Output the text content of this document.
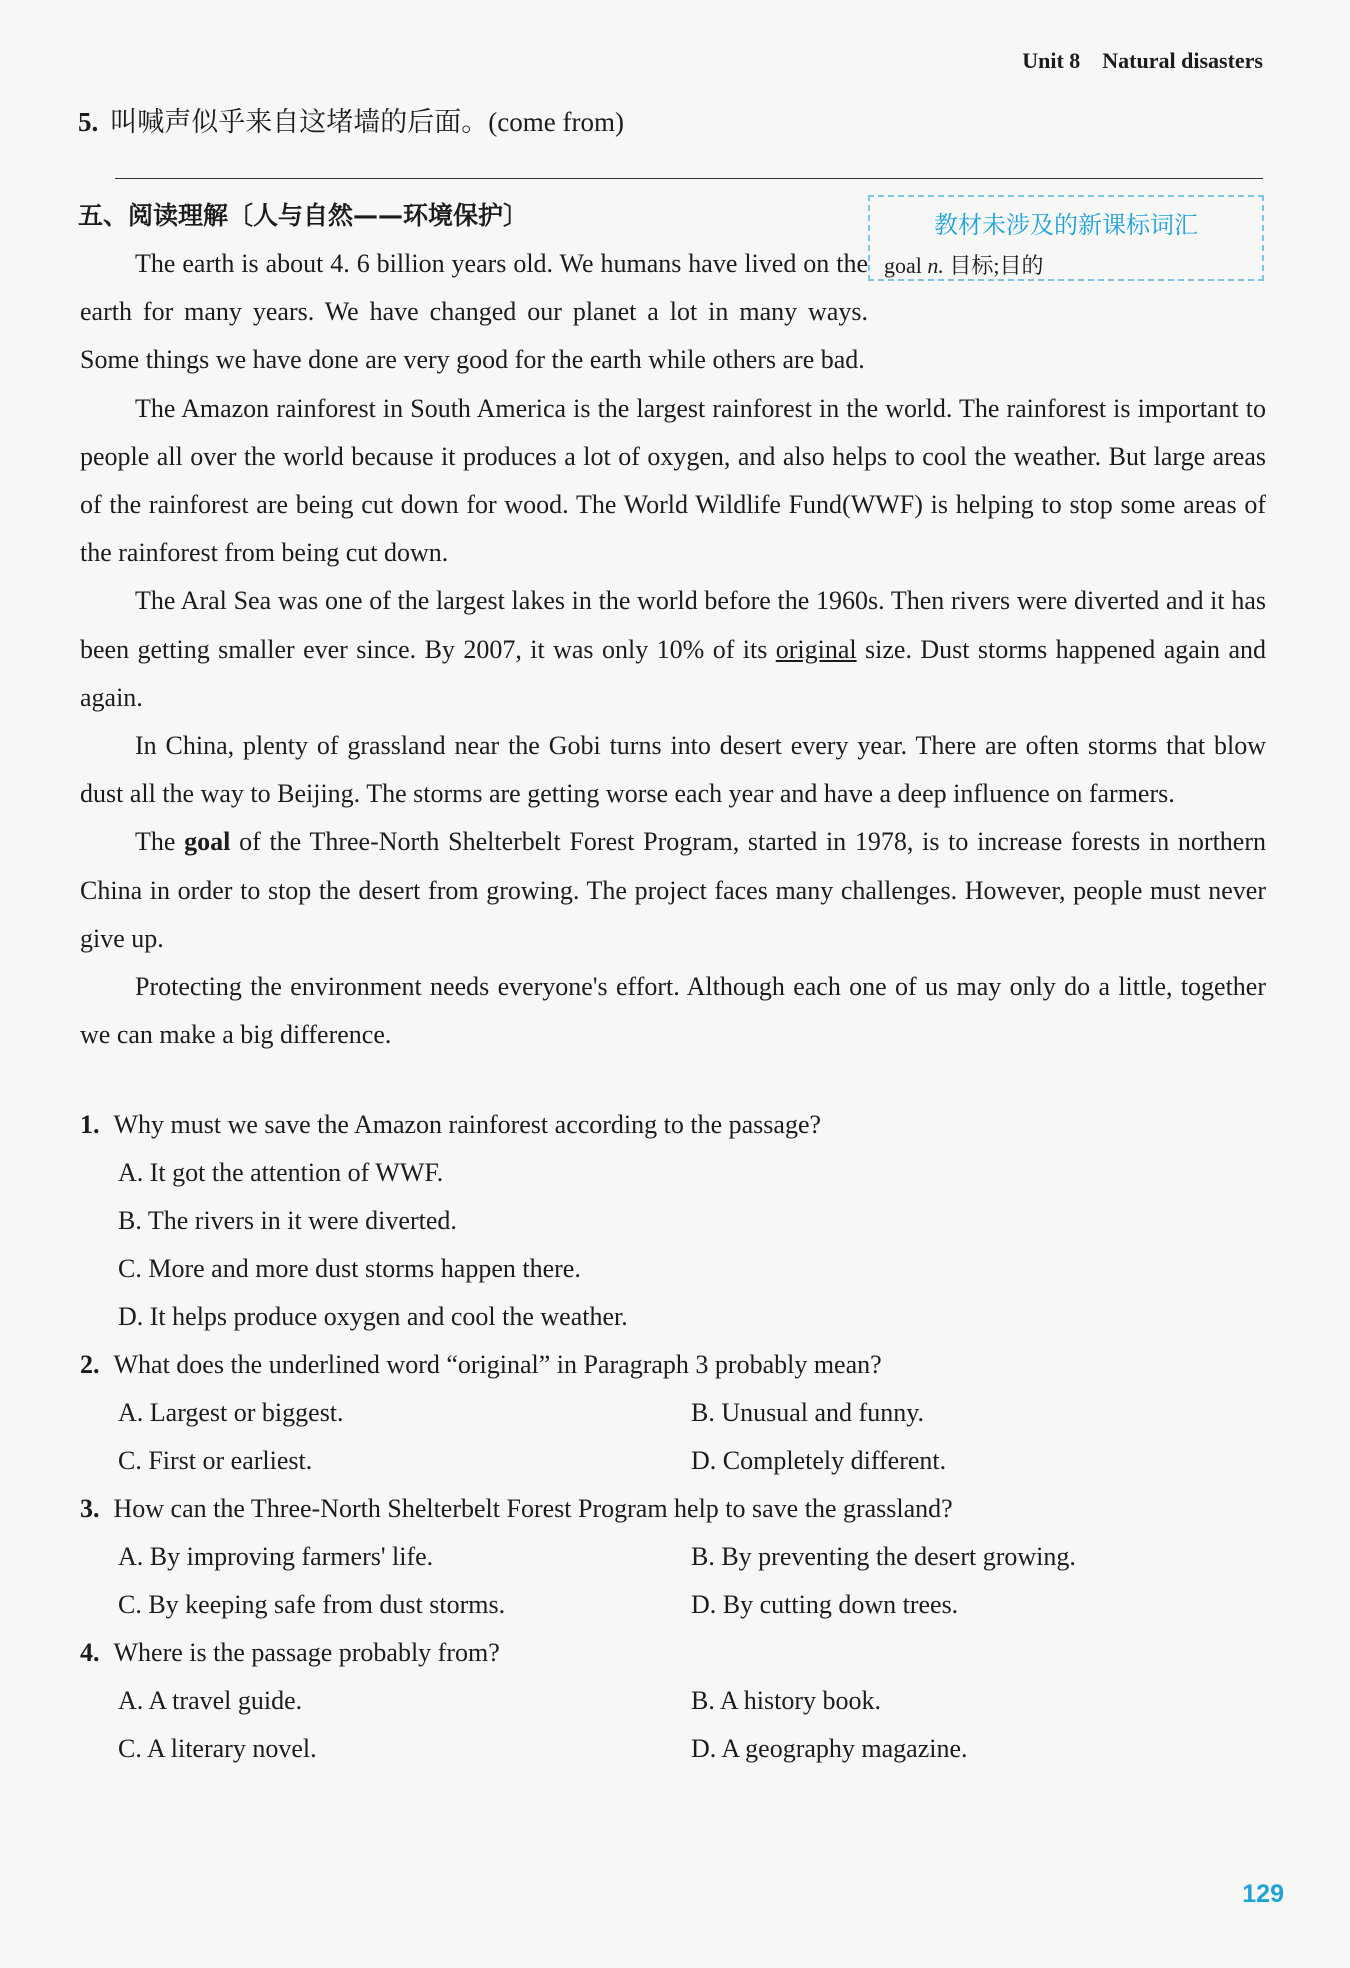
Unit 8 Natural disasters
5. 叫喊声似乎来自这堵墙的后面。(come from)
五、阅读理解〔人与自然——环境保护〕	教材未涉及的新课标词汇
goal n. 目标;目的

The earth is about 4. 6 billion years old. We humans have lived on the earth for many years. We have changed our planet a lot in many ways. Some things we have done are very good for the earth while others are bad.

The Amazon rainforest in South America is the largest rainforest in the world. The rainforest is important to people all over the world because it produces a lot of oxygen, and also helps to cool the weather. But large areas of the rainforest are being cut down for wood. The World Wildlife Fund(WWF) is helping to stop some areas of the rainforest from being cut down.

The Aral Sea was one of the largest lakes in the world before the 1960s. Then rivers were diverted and it has been getting smaller ever since. By 2007, it was only 10% of its original size. Dust storms happened again and again.

In China, plenty of grassland near the Gobi turns into desert every year. There are often storms that blow dust all the way to Beijing. The storms are getting worse each year and have a deep influence on farmers.

The goal of the Three-North Shelterbelt Forest Program, started in 1978, is to increase forests in northern China in order to stop the desert from growing. The project faces many challenges. However, people must never give up.

Protecting the environment needs everyone's effort. Although each one of us may only do a little, together we can make a big difference.

1. Why must we save the Amazon rainforest according to the passage?
A. It got the attention of WWF.
B. The rivers in it were diverted.
C. More and more dust storms happen there.
D. It helps produce oxygen and cool the weather.
2. What does the underlined word “original” in Paragraph 3 probably mean?
A. Largest or biggest.	B. Unusual and funny.
C. First or earliest.	D. Completely different.
3. How can the Three-North Shelterbelt Forest Program help to save the grassland?
A. By improving farmers' life.	B. By preventing the desert growing.
C. By keeping safe from dust storms.	D. By cutting down trees.
4. Where is the passage probably from?
A. A travel guide.	B. A history book.
C. A literary novel.	D. A geography magazine.
129
